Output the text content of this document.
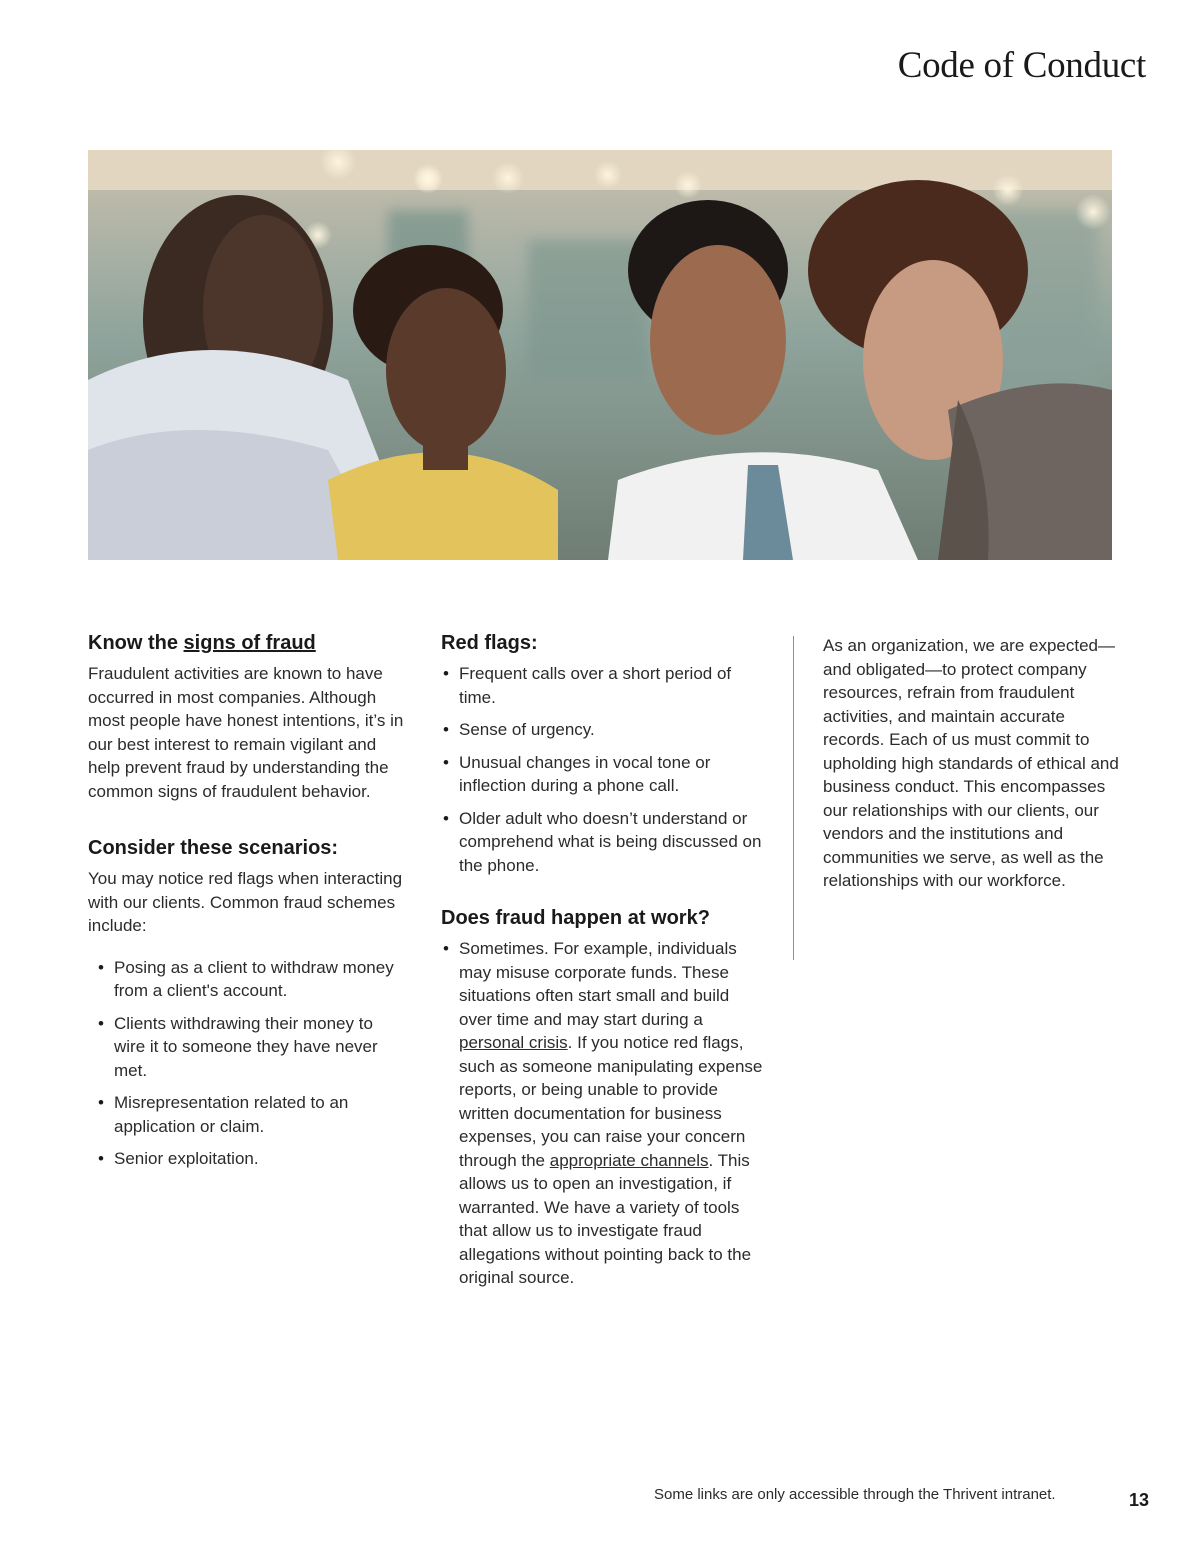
Code of Conduct
Know the signs of fraud

Fraudulent activities are known to have occurred in most companies. Although most people have honest intentions, it’s in our best interest to remain vigilant and help prevent fraud by understanding the common signs of fraudulent behavior.

Consider these scenarios:

You may notice red flags when interacting with our clients. Common fraud schemes include:

• Posing as a client to withdraw money from a client's account.
• Clients withdrawing their money to wire it to someone they have never met.
• Misrepresentation related to an application or claim.
• Senior exploitation.
Red flags:
• Frequent calls over a short period of time.
• Sense of urgency.
• Unusual changes in vocal tone or inflection during a phone call.
• Older adult who doesn’t understand or comprehend what is being discussed on the phone.
Does fraud happen at work?
• Sometimes. For example, individuals may misuse corporate funds. These situations often start small and build over time and may start during a personal crisis. If you notice red flags, such as someone manipulating expense reports, or being unable to provide written documentation for business expenses, you can raise your concern through the appropriate channels. This allows us to open an investigation, if warranted. We have a variety of tools that allow us to investigate fraud allegations without pointing back to the original source.

As an organization, we are expected—and obligated—to protect company resources, refrain from fraudulent activities, and maintain accurate records. Each of us must commit to upholding high standards of ethical and business conduct. This encompasses our relationships with our clients, our vendors and the institutions and communities we serve, as well as the relationships with our workforce.

Some links are only accessible through the Thrivent intranet.	13
